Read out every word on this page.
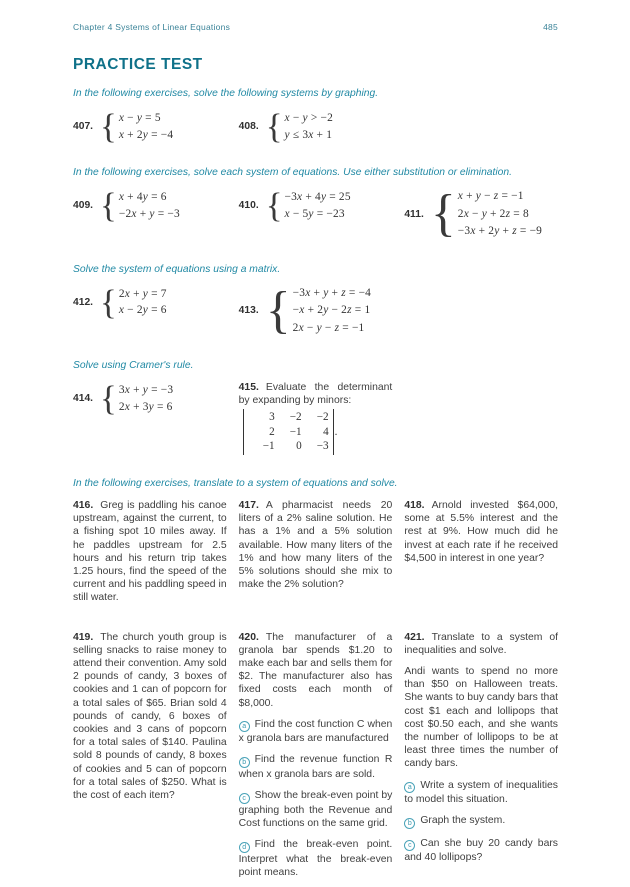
Chapter 4 Systems of Linear Equations	485
PRACTICE TEST

In the following exercises, solve the following systems by graphing.

407. { x − y = 5
x + 2y = −4
408. { x − y > −2
y ≤ 3x + 1

In the following exercises, solve each system of equations. Use either substitution or elimination.

409. { x + 4y = 6
−2x + y = −3
410. { −3x + 4y = 25
x − 5y = −23	411. { x + y − z = −1
2x − y + 2z = 8
−3x + 2y + z = −9

Solve the system of equations using a matrix.

412. { 2x + y = 7
x − 2y = 6	413. { −3x + y + z = −4
−x + 2y − 2z = 1
2x − y − z = −1

Solve using Cramer's rule.

414. { 3x + y = −3
2x + 3y = 6

415. Evaluate the determinant by expanding by minors:

3	−2	−2
2	−1	4
−1	0	−3
.

In the following exercises, translate to a system of equations and solve.

416. Greg is paddling his canoe upstream, against the current, to a fishing spot 10 miles away. If he paddles upstream for 2.5 hours and his return trip takes 1.25 hours, find the speed of the current and his paddling speed in still water.

417. A pharmacist needs 20 liters of a 2% saline solution. He has a 1% and a 5% solution available. How many liters of the 1% and how many liters of the 5% solutions should she mix to make the 2% solution?

418. Arnold invested $64,000, some at 5.5% interest and the rest at 9%. How much did he invest at each rate if he received $4,500 in interest in one year?

419. The church youth group is selling snacks to raise money to attend their convention. Amy sold 2 pounds of candy, 3 boxes of cookies and 1 can of popcorn for a total sales of $65. Brian sold 4 pounds of candy, 6 boxes of cookies and 3 cans of popcorn for a total sales of $140. Paulina sold 8 pounds of candy, 8 boxes of cookies and 5 can of popcorn for a total sales of $250. What is the cost of each item?

420. The manufacturer of a granola bar spends $1.20 to make each bar and sells them for $2. The manufacturer also has fixed costs each month of $8,000.

a Find the cost function C when x granola bars are manufactured

b Find the revenue function R when x granola bars are sold.

c Show the break-even point by graphing both the Revenue and Cost functions on the same grid.

d Find the break-even point. Interpret what the break-even point means.

421. Translate to a system of inequalities and solve.

Andi wants to spend no more than $50 on Halloween treats. She wants to buy candy bars that cost $1 each and lollipops that cost $0.50 each, and she wants the number of lollipops to be at least three times the number of candy bars.

a Write a system of inequalities to model this situation.

b Graph the system.

c Can she buy 20 candy bars and 40 lollipops?
